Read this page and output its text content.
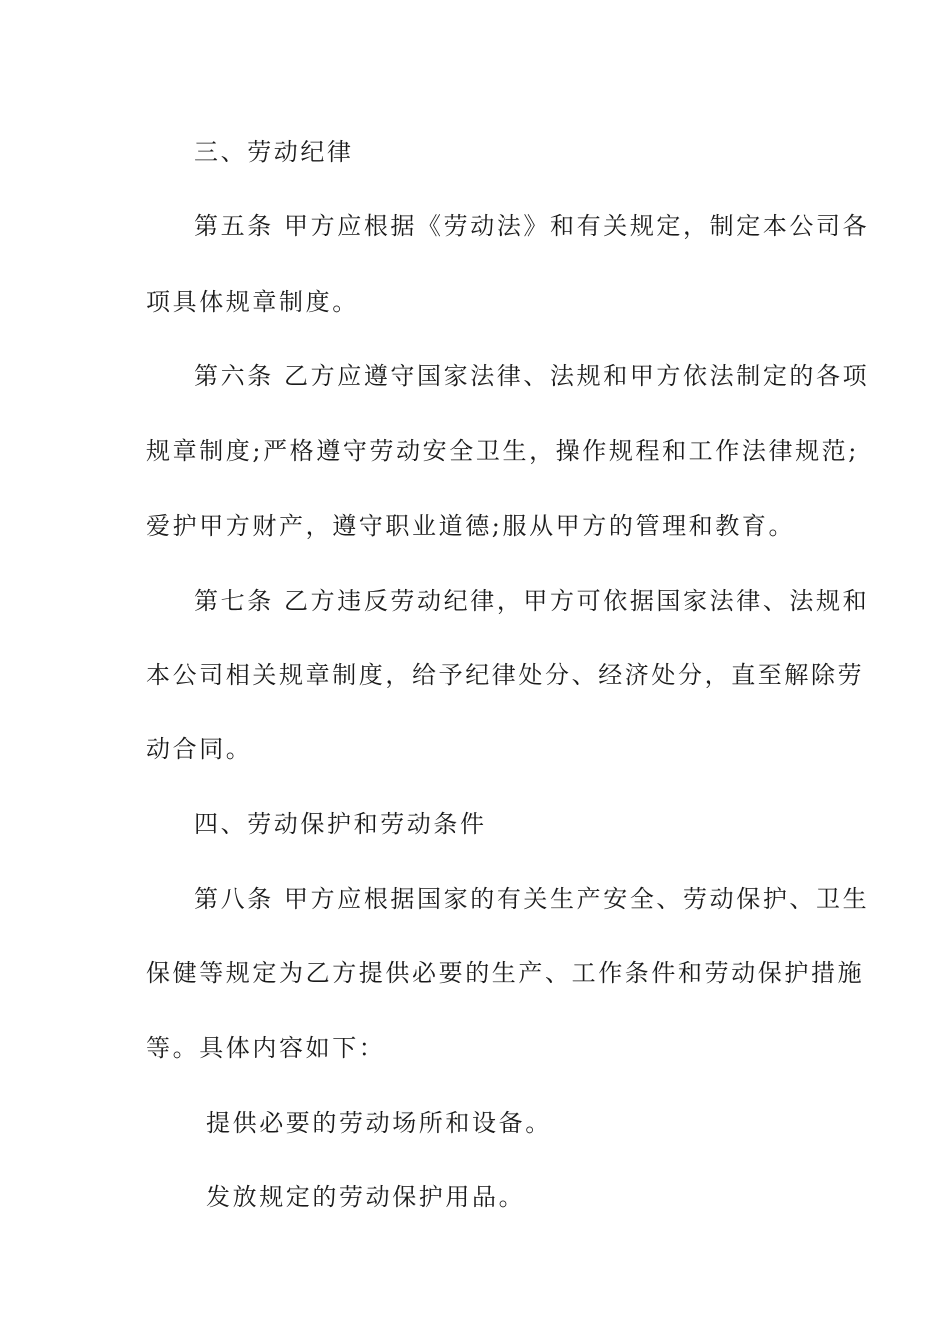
三、劳动纪律
第五条 甲方应根据《劳动法》和有关规定，制定本公司各
项具体规章制度。
第六条 乙方应遵守国家法律、法规和甲方依法制定的各项
规章制度;严格遵守劳动安全卫生，操作规程和工作法律规范;
爱护甲方财产，遵守职业道德;服从甲方的管理和教育。
第七条 乙方违反劳动纪律，甲方可依据国家法律、法规和
本公司相关规章制度，给予纪律处分、经济处分，直至解除劳
动合同。
四、劳动保护和劳动条件
第八条 甲方应根据国家的有关生产安全、劳动保护、卫生
保健等规定为乙方提供必要的生产、工作条件和劳动保护措施
等。具体内容如下：
提供必要的劳动场所和设备。
发放规定的劳动保护用品。
